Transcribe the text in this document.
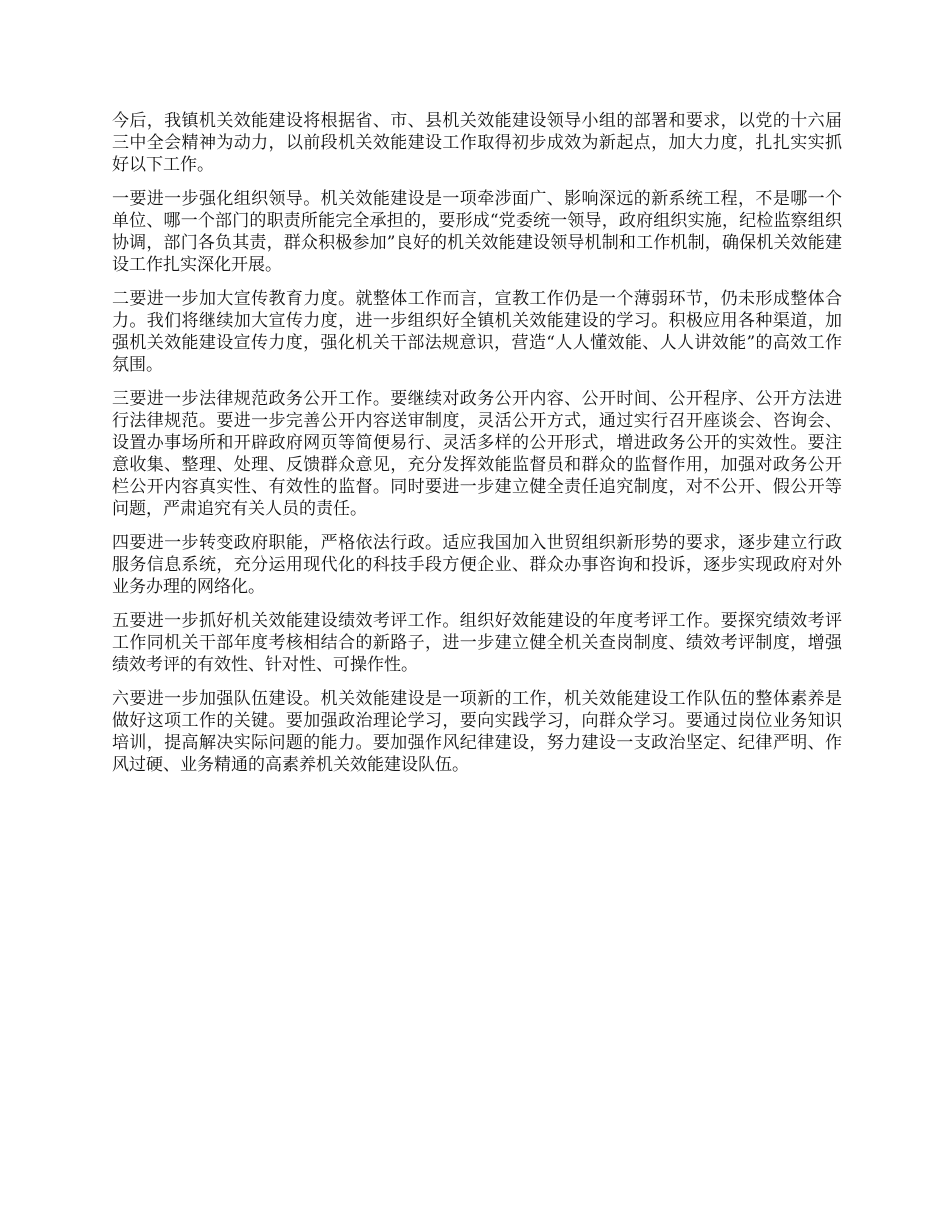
今后，我镇机关效能建设将根据省、市、县机关效能建设领导小组的部署和要求，以党的十六届三中全会精神为动力，以前段机关效能建设工作取得初步成效为新起点，加大力度，扎扎实实抓好以下工作。

一要进一步强化组织领导。机关效能建设是一项牵涉面广、影响深远的新系统工程，不是哪一个单位、哪一个部门的职责所能完全承担的，要形成“党委统一领导，政府组织实施，纪检监察组织协调，部门各负其责，群众积极参加”良好的机关效能建设领导机制和工作机制，确保机关效能建设工作扎实深化开展。

二要进一步加大宣传教育力度。就整体工作而言，宣教工作仍是一个薄弱环节，仍未形成整体合力。我们将继续加大宣传力度，进一步组织好全镇机关效能建设的学习。积极应用各种渠道，加强机关效能建设宣传力度，强化机关干部法规意识，营造“人人懂效能、人人讲效能”的高效工作氛围。

三要进一步法律规范政务公开工作。要继续对政务公开内容、公开时间、公开程序、公开方法进行法律规范。要进一步完善公开内容送审制度，灵活公开方式，通过实行召开座谈会、咨询会、设置办事场所和开辟政府网页等简便易行、灵活多样的公开形式，增进政务公开的实效性。要注意收集、整理、处理、反馈群众意见，充分发挥效能监督员和群众的监督作用，加强对政务公开栏公开内容真实性、有效性的监督。同时要进一步建立健全责任追究制度，对不公开、假公开等问题，严肃追究有关人员的责任。

四要进一步转变政府职能，严格依法行政。适应我国加入世贸组织新形势的要求，逐步建立行政服务信息系统，充分运用现代化的科技手段方便企业、群众办事咨询和投诉，逐步实现政府对外业务办理的网络化。

五要进一步抓好机关效能建设绩效考评工作。组织好效能建设的年度考评工作。要探究绩效考评工作同机关干部年度考核相结合的新路子，进一步建立健全机关查岗制度、绩效考评制度，增强绩效考评的有效性、针对性、可操作性。

六要进一步加强队伍建设。机关效能建设是一项新的工作，机关效能建设工作队伍的整体素养是做好这项工作的关键。要加强政治理论学习，要向实践学习，向群众学习。要通过岗位业务知识培训，提高解决实际问题的能力。要加强作风纪律建设，努力建设一支政治坚定、纪律严明、作风过硬、业务精通的高素养机关效能建设队伍。
